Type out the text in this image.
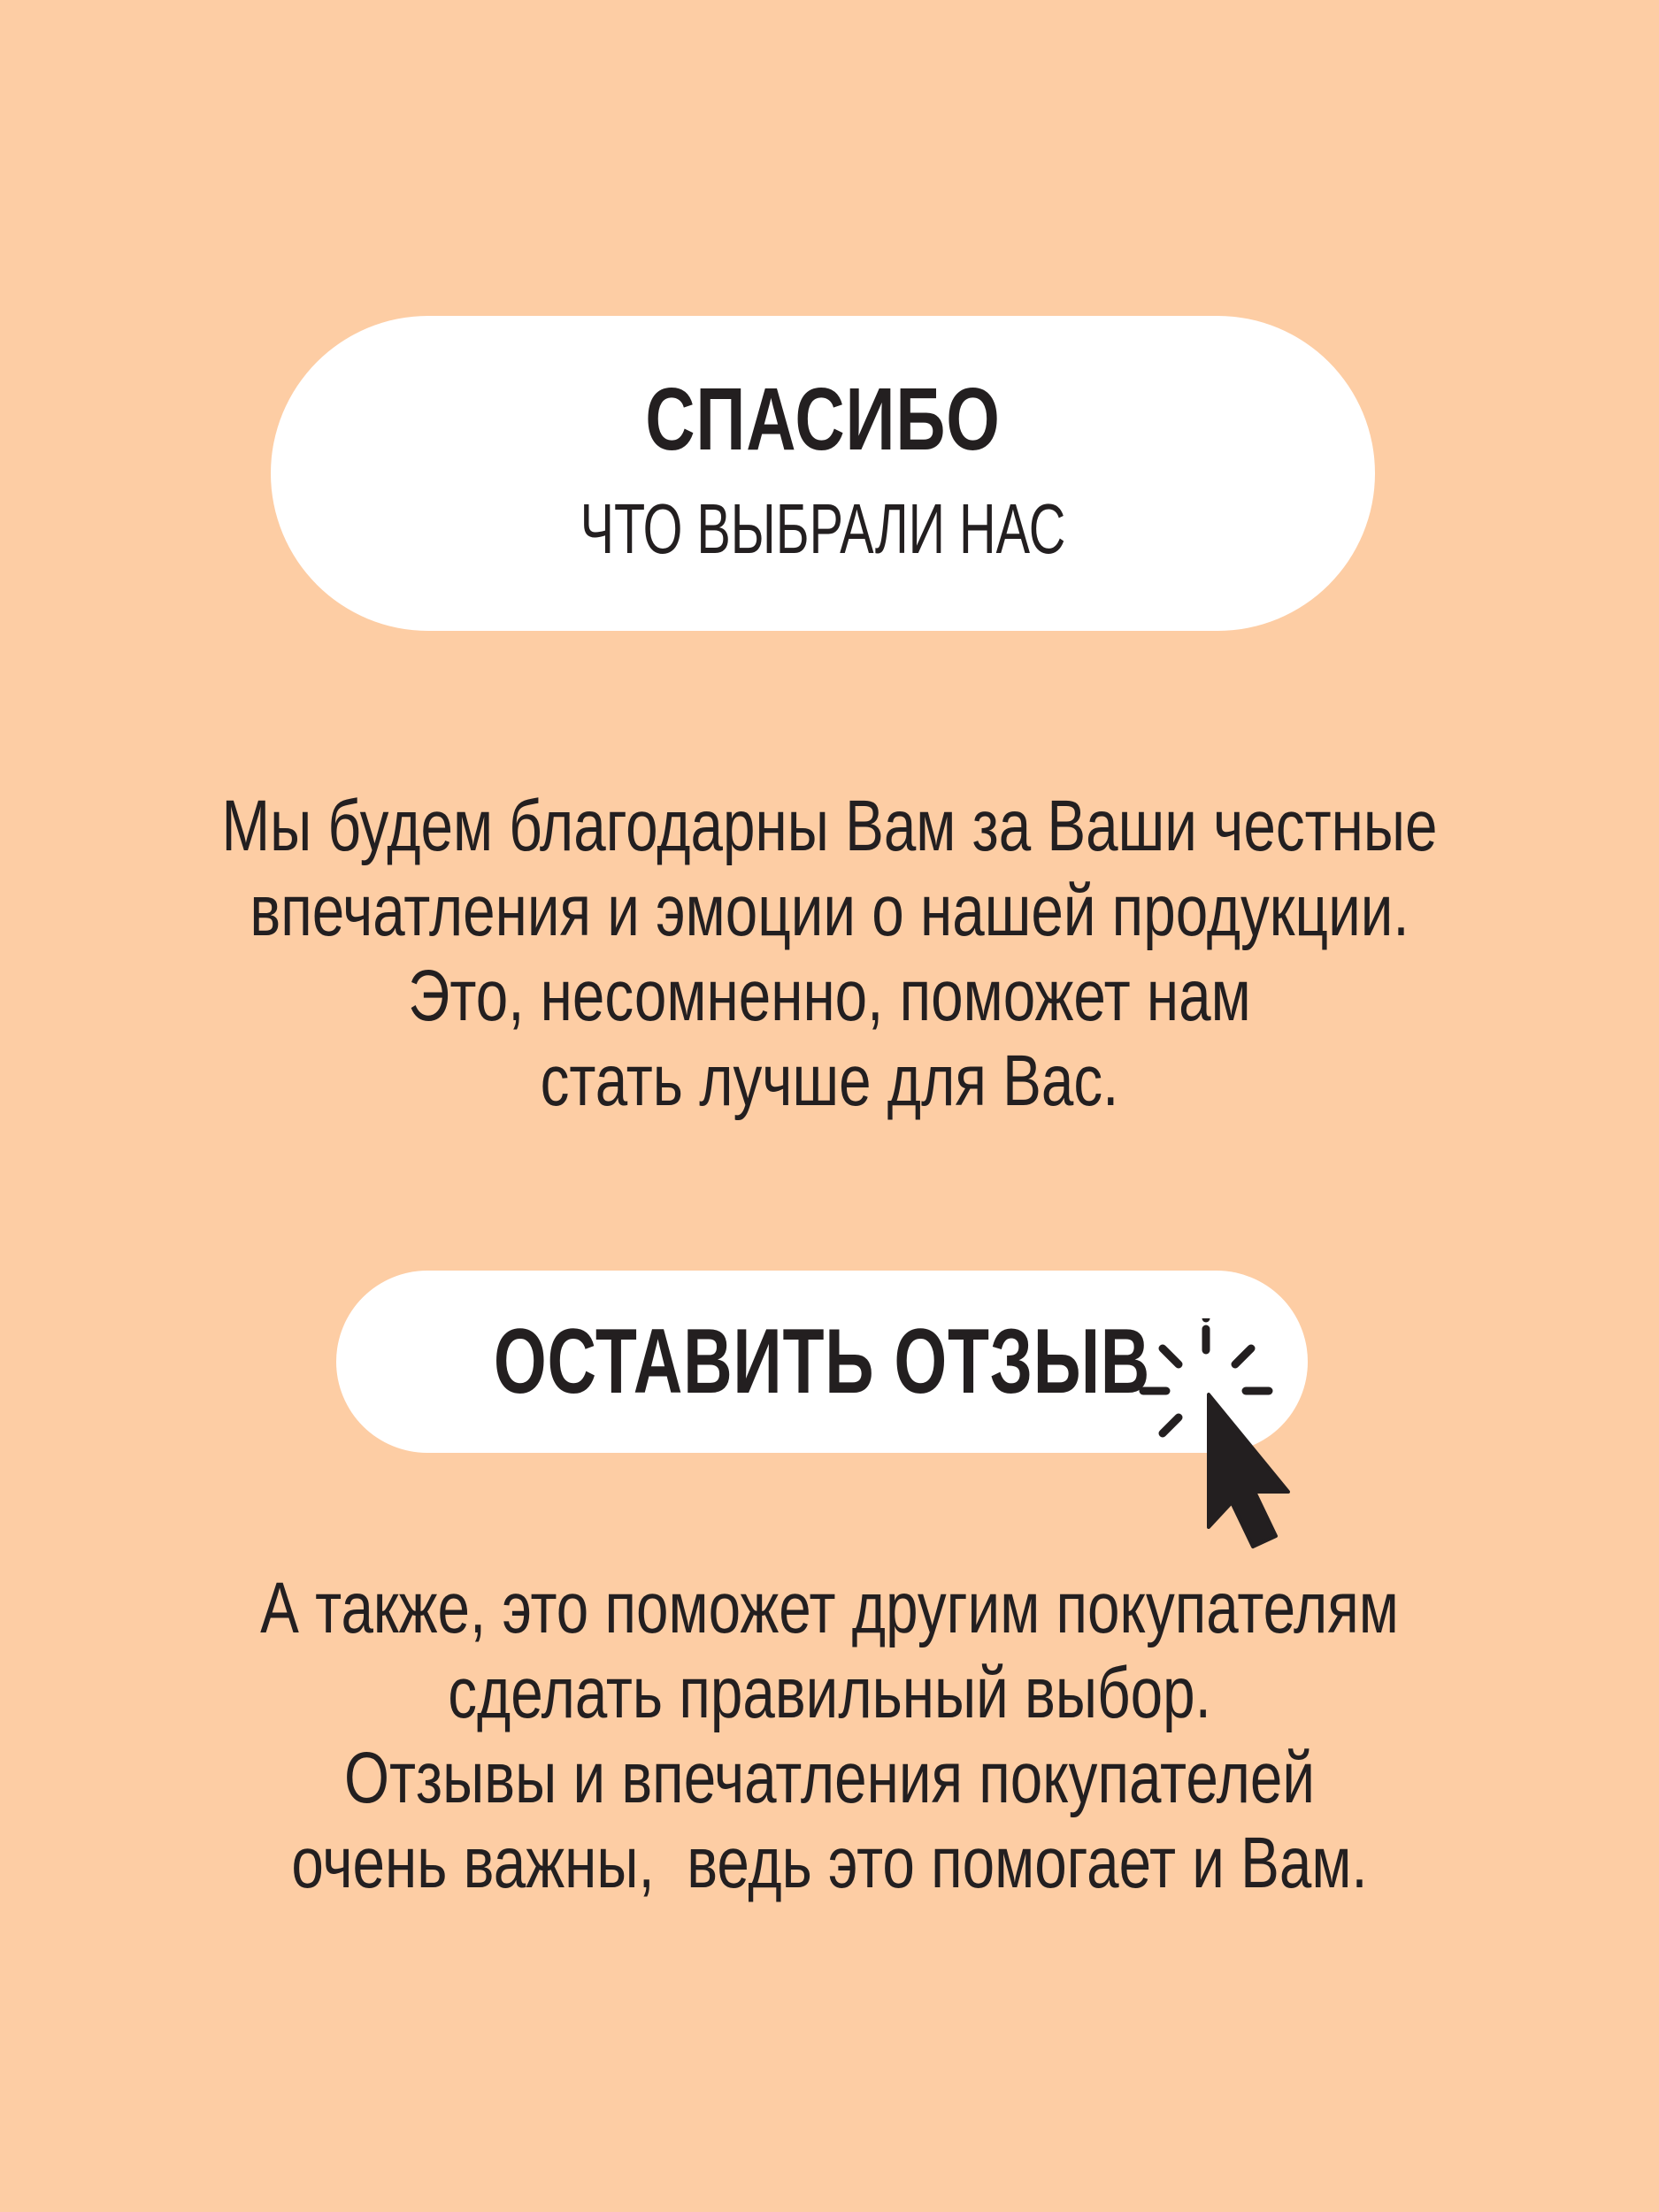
СПАСИБО
ЧТО ВЫБРАЛИ НАС
Мы будем благодарны Вам за Ваши честные
впечатления и эмоции о нашей продукции.
Это, несомненно, поможет нам
стать лучше для Вас.
ОСТАВИТЬ ОТЗЫВ
А также, это поможет другим покупателям
сделать правильный выбор.
Отзывы и впечатления покупателей
очень важны,  ведь это помогает и Вам.
